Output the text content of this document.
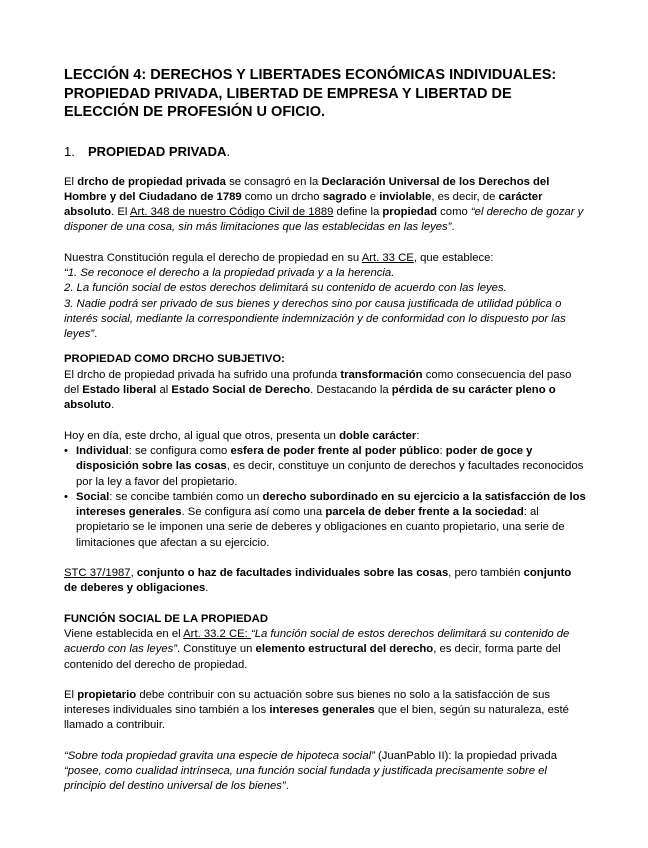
LECCIÓN 4: DERECHOS Y LIBERTADES ECONÓMICAS INDIVIDUALES: PROPIEDAD PRIVADA, LIBERTAD DE EMPRESA Y LIBERTAD DE ELECCIÓN DE PROFESIÓN U OFICIO.
1. PROPIEDAD PRIVADA.

El drcho de propiedad privada se consagró en la Declaración Universal de los Derechos del Hombre y del Ciudadano de 1789 como un drcho sagrado e inviolable, es decir, de carácter absoluto. El Art. 348 de nuestro Código Civil de 1889 define la propiedad como “el derecho de gozar y disponer de una cosa, sin más limitaciones que las establecidas en las leyes”.

Nuestra Constitución regula el derecho de propiedad en su Art. 33 CE, que establece:
“1. Se reconoce el derecho a la propiedad privada y a la herencia.
2. La función social de estos derechos delimitará su contenido de acuerdo con las leyes.
3. Nadie podrá ser privado de sus bienes y derechos sino por causa justificada de utilidad pública o interés social, mediante la correspondiente indemnización y de conformidad con lo dispuesto por las leyes”.

PROPIEDAD COMO DRCHO SUBJETIVO:
El drcho de propiedad privada ha sufrido una profunda transformación como consecuencia del paso del Estado liberal al Estado Social de Derecho. Destacando la pérdida de su carácter pleno o absoluto.

Hoy en día, este drcho, al igual que otros, presenta un doble carácter:

• Individual: se configura como esfera de poder frente al poder público: poder de goce y disposición sobre las cosas, es decir, constituye un conjunto de derechos y facultades reconocidos por la ley a favor del propietario.
• Social: se concibe también como un derecho subordinado en su ejercicio a la satisfacción de los intereses generales. Se configura así como una parcela de deber frente a la sociedad: al propietario se le imponen una serie de deberes y obligaciones en cuanto propietario, una serie de limitaciones que afectan a su ejercicio.

STC 37/1987, conjunto o haz de facultades individuales sobre las cosas, pero también conjunto de deberes y obligaciones.

FUNCIÓN SOCIAL DE LA PROPIEDAD
Viene establecida en el Art. 33.2 CE: “La función social de estos derechos delimitará su contenido de acuerdo con las leyes”. Constituye un elemento estructural del derecho, es decir, forma parte del contenido del derecho de propiedad.

El propietario debe contribuir con su actuación sobre sus bienes no solo a la satisfacción de sus intereses individuales sino también a los intereses generales que el bien, según su naturaleza, esté llamado a contribuir.

“Sobre toda propiedad gravita una especie de hipoteca social” (JuanPablo II): la propiedad privada “posee, como cualidad intrínseca, una función social fundada y justificada precisamente sobre el principio del destino universal de los bienes”.
